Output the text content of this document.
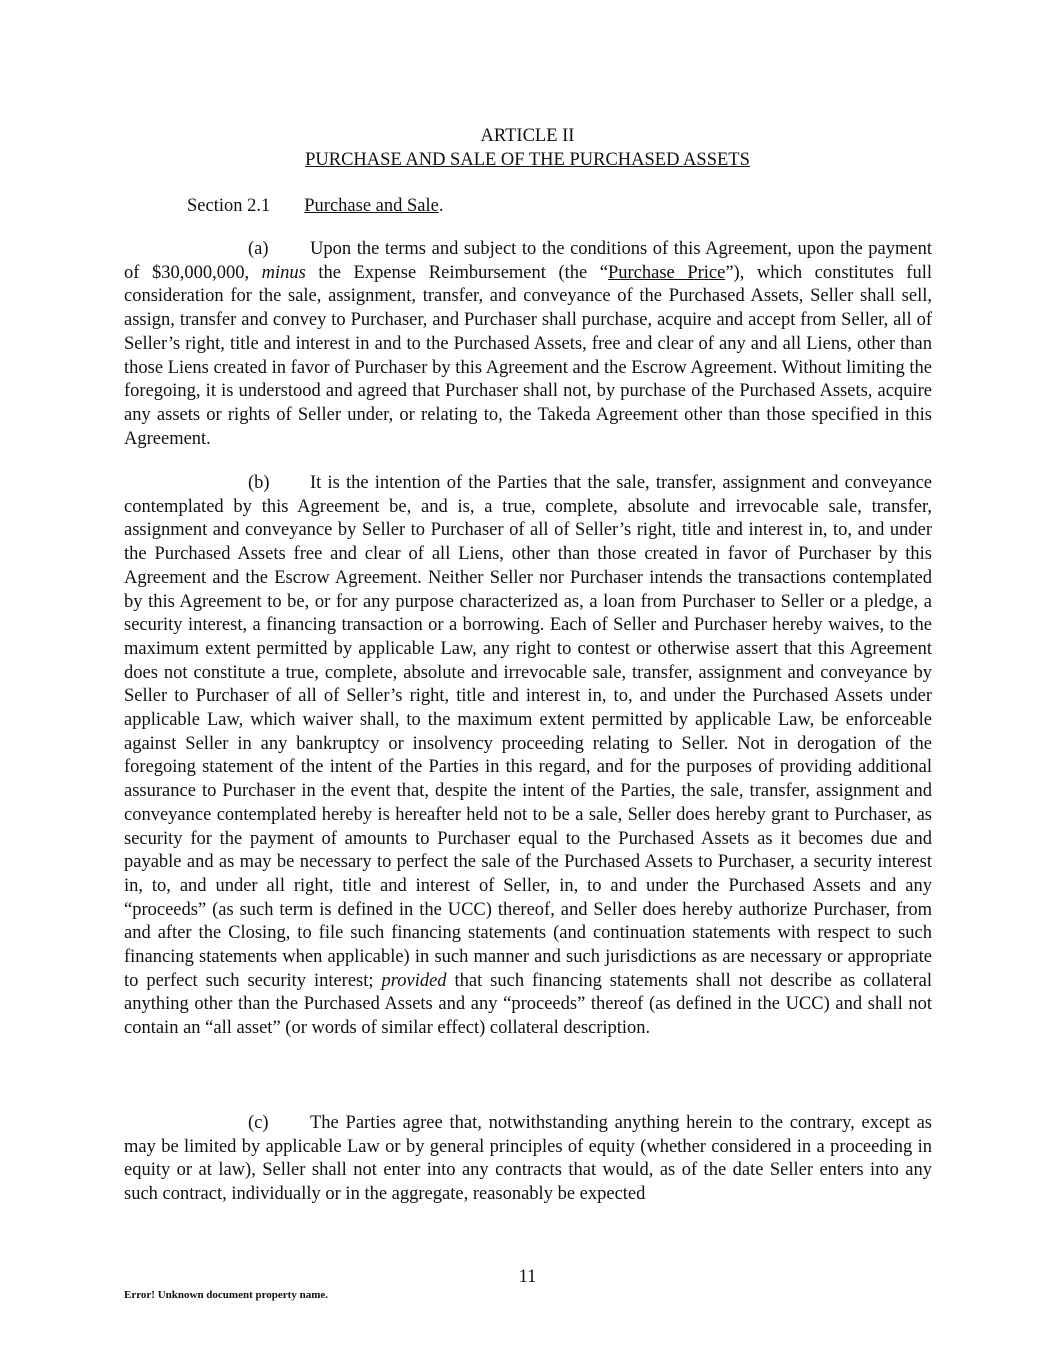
ARTICLE II
PURCHASE AND SALE OF THE PURCHASED ASSETS
Section 2.1 Purchase and Sale.

(a) Upon the terms and subject to the conditions of this Agreement, upon the payment of $30,000,000, minus the Expense Reimbursement (the “Purchase Price”), which constitutes full consideration for the sale, assignment, transfer, and conveyance of the Purchased Assets, Seller shall sell, assign, transfer and convey to Purchaser, and Purchaser shall purchase, acquire and accept from Seller, all of Seller’s right, title and interest in and to the Purchased Assets, free and clear of any and all Liens, other than those Liens created in favor of Purchaser by this Agreement and the Escrow Agreement. Without limiting the foregoing, it is understood and agreed that Purchaser shall not, by purchase of the Purchased Assets, acquire any assets or rights of Seller under, or relating to, the Takeda Agreement other than those specified in this Agreement.

(b) It is the intention of the Parties that the sale, transfer, assignment and conveyance contemplated by this Agreement be, and is, a true, complete, absolute and irrevocable sale, transfer, assignment and conveyance by Seller to Purchaser of all of Seller’s right, title and interest in, to, and under the Purchased Assets free and clear of all Liens, other than those created in favor of Purchaser by this Agreement and the Escrow Agreement. Neither Seller nor Purchaser intends the transactions contemplated by this Agreement to be, or for any purpose characterized as, a loan from Purchaser to Seller or a pledge, a security interest, a financing transaction or a borrowing. Each of Seller and Purchaser hereby waives, to the maximum extent permitted by applicable Law, any right to contest or otherwise assert that this Agreement does not constitute a true, complete, absolute and irrevocable sale, transfer, assignment and conveyance by Seller to Purchaser of all of Seller’s right, title and interest in, to, and under the Purchased Assets under applicable Law, which waiver shall, to the maximum extent permitted by applicable Law, be enforceable against Seller in any bankruptcy or insolvency proceeding relating to Seller. Not in derogation of the foregoing statement of the intent of the Parties in this regard, and for the purposes of providing additional assurance to Purchaser in the event that, despite the intent of the Parties, the sale, transfer, assignment and conveyance contemplated hereby is hereafter held not to be a sale, Seller does hereby grant to Purchaser, as security for the payment of amounts to Purchaser equal to the Purchased Assets as it becomes due and payable and as may be necessary to perfect the sale of the Purchased Assets to Purchaser, a security interest in, to, and under all right, title and interest of Seller, in, to and under the Purchased Assets and any “proceeds” (as such term is defined in the UCC) thereof, and Seller does hereby authorize Purchaser, from and after the Closing, to file such financing statements (and continuation statements with respect to such financing statements when applicable) in such manner and such jurisdictions as are necessary or appropriate to perfect such security interest; provided that such financing statements shall not describe as collateral anything other than the Purchased Assets and any “proceeds” thereof (as defined in the UCC) and shall not contain an “all asset” (or words of similar effect) collateral description.

(c) The Parties agree that, notwithstanding anything herein to the contrary, except as may be limited by applicable Law or by general principles of equity (whether considered in a proceeding in equity or at law), Seller shall not enter into any contracts that would, as of the date Seller enters into any such contract, individually or in the aggregate, reasonably be expected

11
Error! Unknown document property name.
